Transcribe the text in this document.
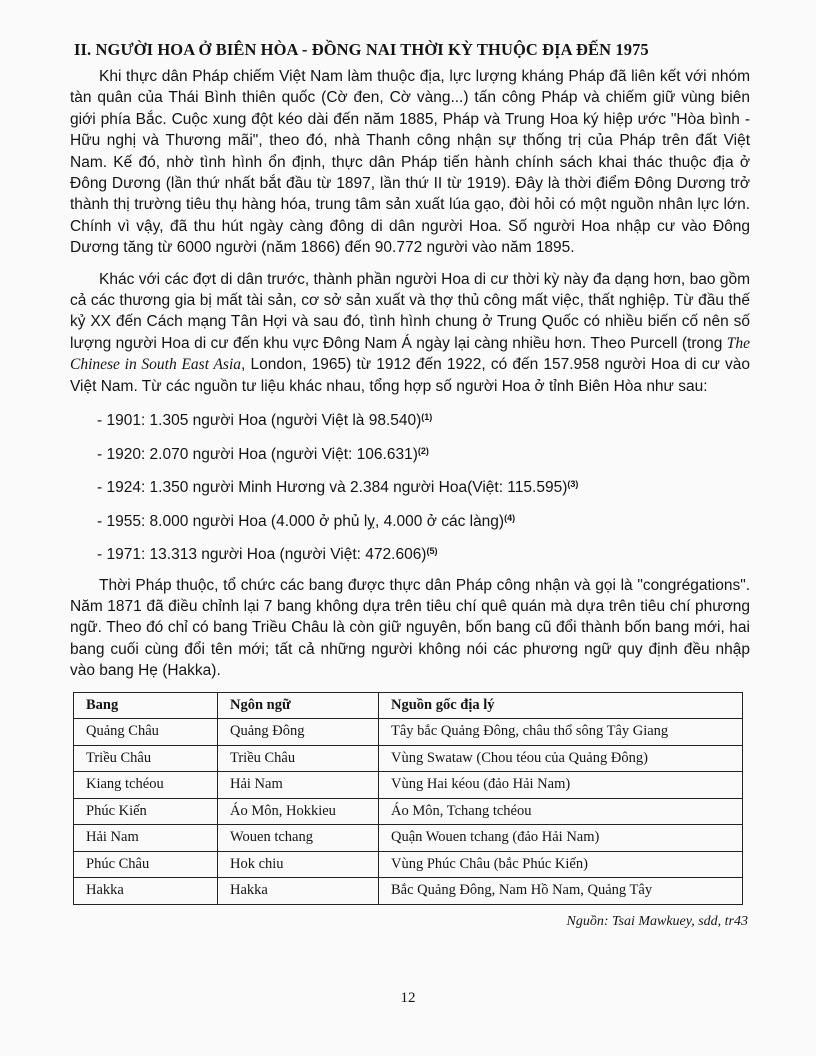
II. NGƯỜI HOA Ở BIÊN HÒA - ĐỒNG NAI THỜI KỲ THUỘC ĐỊA ĐẾN 1975

Khi thực dân Pháp chiếm Việt Nam làm thuộc địa, lực lượng kháng Pháp đã liên kết với nhóm tàn quân của Thái Bình thiên quốc (Cờ đen, Cờ vàng...) tấn công Pháp và chiếm giữ vùng biên giới phía Bắc. Cuộc xung đột kéo dài đến năm 1885, Pháp và Trung Hoa ký hiệp ước "Hòa bình - Hữu nghị và Thương mãi", theo đó, nhà Thanh công nhận sự thống trị của Pháp trên đất Việt Nam. Kế đó, nhờ tình hình ổn định, thực dân Pháp tiến hành chính sách khai thác thuộc địa ở Đông Dương (lần thứ nhất bắt đầu từ 1897, lần thứ II từ 1919). Đây là thời điểm Đông Dương trở thành thị trường tiêu thụ hàng hóa, trung tâm sản xuất lúa gạo, đòi hỏi có một nguồn nhân lực lớn. Chính vì vậy, đã thu hút ngày càng đông di dân người Hoa. Số người Hoa nhập cư vào Đông Dương tăng từ 6000 người (năm 1866) đến 90.772 người vào năm 1895.

Khác với các đợt di dân trước, thành phần người Hoa di cư thời kỳ này đa dạng hơn, bao gồm cả các thương gia bị mất tài sản, cơ sở sản xuất và thợ thủ công mất việc, thất nghiệp. Từ đầu thế kỷ XX đến Cách mạng Tân Hợi và sau đó, tình hình chung ở Trung Quốc có nhiều biến cố nên số lượng người Hoa di cư đến khu vực Đông Nam Á ngày lại càng nhiều hơn. Theo Purcell (trong The Chinese in South East Asia, London, 1965) từ 1912 đến 1922, có đến 157.958 người Hoa di cư vào Việt Nam. Từ các nguồn tư liệu khác nhau, tổng hợp số người Hoa ở tỉnh Biên Hòa như sau:

- 1901: 1.305 người Hoa (người Việt là 98.540)$^{(1)}$
- 1920: 2.070 người Hoa (người Việt: 106.631)$^{(2)}$
- 1924: 1.350 người Minh Hương và 2.384 người Hoa(Việt: 115.595)$^{(3)}$
- 1955: 8.000 người Hoa (4.000 ở phủ lỵ, 4.000 ở các làng)$^{(4)}$
- 1971: 13.313 người Hoa (người Việt: 472.606)$^{(5)}$

Thời Pháp thuộc, tổ chức các bang được thực dân Pháp công nhận và gọi là "congrégations". Năm 1871 đã điều chỉnh lại 7 bang không dựa trên tiêu chí quê quán mà dựa trên tiêu chí phương ngữ. Theo đó chỉ có bang Triều Châu là còn giữ nguyên, bốn bang cũ đổi thành bốn bang mới, hai bang cuối cùng đổi tên mới; tất cả những người không nói các phương ngữ quy định đều nhập vào bang Hẹ (Hakka).

Bang	Ngôn ngữ	Nguồn gốc địa lý
Quảng Châu	Quảng Đông	Tây bắc Quảng Đông, châu thổ sông Tây Giang
Triều Châu	Triều Châu	Vùng Swataw (Chou téou của Quảng Đông)
Kiang tchéou	Hải Nam	Vùng Hai kéou (đảo Hải Nam)
Phúc Kiến	Áo Môn, Hokkieu	Áo Môn, Tchang tchéou
Hải Nam	Wouen tchang	Quận Wouen tchang (đảo Hải Nam)
Phúc Châu	Hok chiu	Vùng Phúc Châu (bắc Phúc Kiến)
Hakka	Hakka	Bắc Quảng Đông, Nam Hồ Nam, Quảng Tây

Nguồn: Tsai Mawkuey, sdd, tr43

12
